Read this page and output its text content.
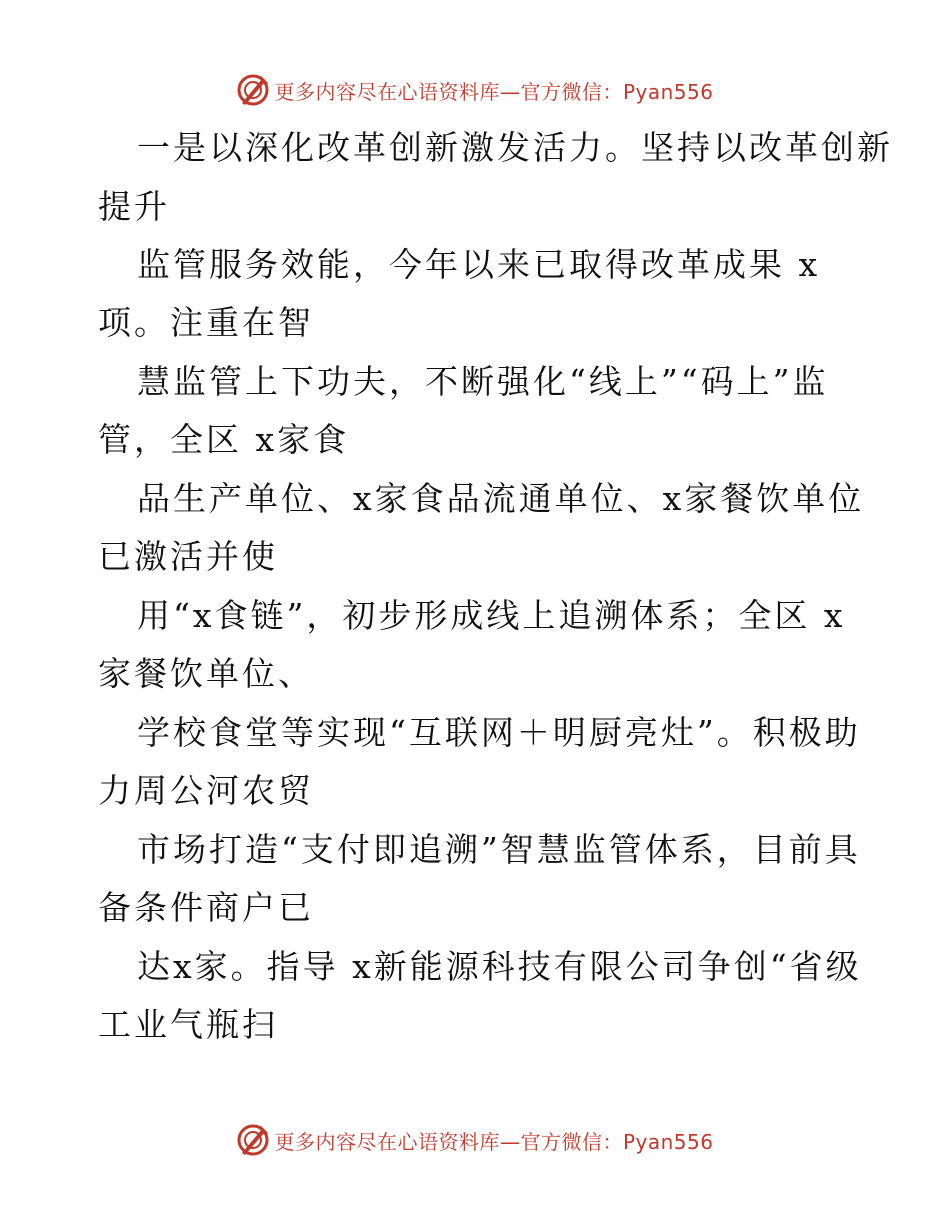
更多内容尽在心语资料库—官方微信：Pyan556
一是以深化改革创新激发活力。坚持以改革创新
提升
监管服务效能，今年以来已取得改革成果 x
项。注重在智
慧监管上下功夫，不断强化“线上”“码上”监
管，全区 x家食
品生产单位、x家食品流通单位、x家餐饮单位
已激活并使
用“x食链”，初步形成线上追溯体系；全区 x
家餐饮单位、
学校食堂等实现“互联网＋明厨亮灶”。积极助
力周公河农贸
市场打造“支付即追溯”智慧监管体系，目前具
备条件商户已
达x家。指导 x新能源科技有限公司争创“省级
工业气瓶扫
更多内容尽在心语资料库—官方微信：Pyan556
